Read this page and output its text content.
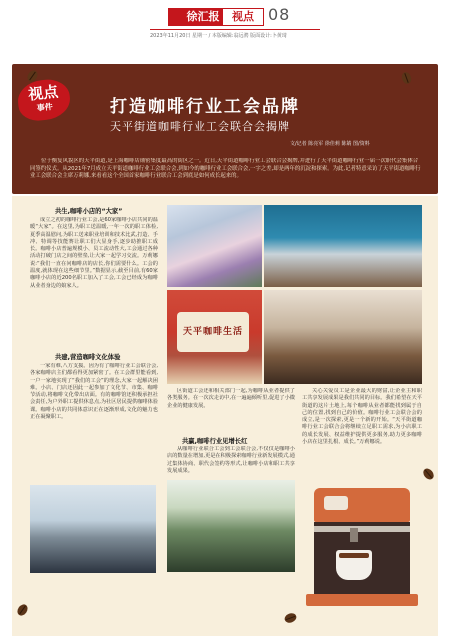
徐汇报	视点 08
2023年11月20日 星期一 / 本版编辑:翁远骋 版面设计:卜黄琦
视点
事件	打造咖啡行业工会品牌
天平街道咖啡行业工会联合会揭牌
文/记者 陈亮军 徐佳莉 陈婧 图/资料
位于衡复风貌区的天平街道,是上海咖啡店铺密集度最高的街区之一。近日,天平街道咖啡行业工会联合会揭牌,并进行了天平街道咖啡行业一届一次职代会集体合同签约仪式。从2021年7月成立天平街道咖啡行业工会联合会,到如今的咖啡行业工会联合会,一字之差,却是两年的沉淀和探索。为此,记者特意采访了天平街道咖啡行业工会联合会主席万莉娜,来看看这个全国首家咖啡行业联合工会到底是如何成长起来的。
共生,咖啡小店的“大家”
成立之初的咖啡行业工会,是60家咖啡小店共同的温暖“大家”。在这里,为职工送温暖,一年一次的职工体检,夏季高温慰问,为职工送来职业培训和技术比武,打造、手冲、特调等技能赛让职工们大显身手,逐步助推职工成长。咖啡小店普遍规模小、员工流动性大,工会通过各种活动打破门店之间的壁垒,让大家一起学习交流。万莉娜说:“我们一直在问咖啡店的店长,你们需要什么。工会的温度,就体现在这些细节里。”数据显示,截至目前,有60家咖啡小店的近200名职工加入了工会,工会已经成为咖啡从业者身边的娘家人。
共建,营造咖啡文化体验
一家有难,八方支援。因为有了咖啡行业工会联合会,各家咖啡店主们都看得更加紧密了。在工会群里能看到,一户一家地实现了“我们的工会”的理念,大家一起解决困难。小店、门店还因此一起参加了文化节、市集、咖啡节活动,将咖啡文化带出店面。有的咖啡馆还积极承担社会责任,为户外职工提供休息点,为社区居民提供咖啡体验课。咖啡小店的共同体意识正在逐渐形成,文化的魅力也正在凝聚职工。
天平咖啡生活
区街道工会还和相关部门一起,为咖啡从业者提供了各类服务。在一次次走访中,在一遍遍倾听里,促进了小微企业的健康发展。
共赢,咖啡行业见增长红
从咖啡行业联合工会到工会联合会,不仅仅是咖啡小店的数量在增加,更是在积极探索咖啡行业新发展模式,通过集体协商、职代会签约等形式,让咖啡小店和职工共享发展成果。
关心关爱员工是企业最大的财富,让企业主和职工共享发展成果是我们共同的目标。我们希望在天平街道的这片土地上,每个咖啡从业者都能找到属于自己的位置,找到自己的价值。咖啡行业工会联合会的成立,是一次探索,更是一个新的开始。“天平街道咖啡行业工会联合会将继续立足职工需求,为小店职工的成长发展、权益维护提供更多服务,助力更多咖啡小店在这里扎根、成长。”万莉娜说。
